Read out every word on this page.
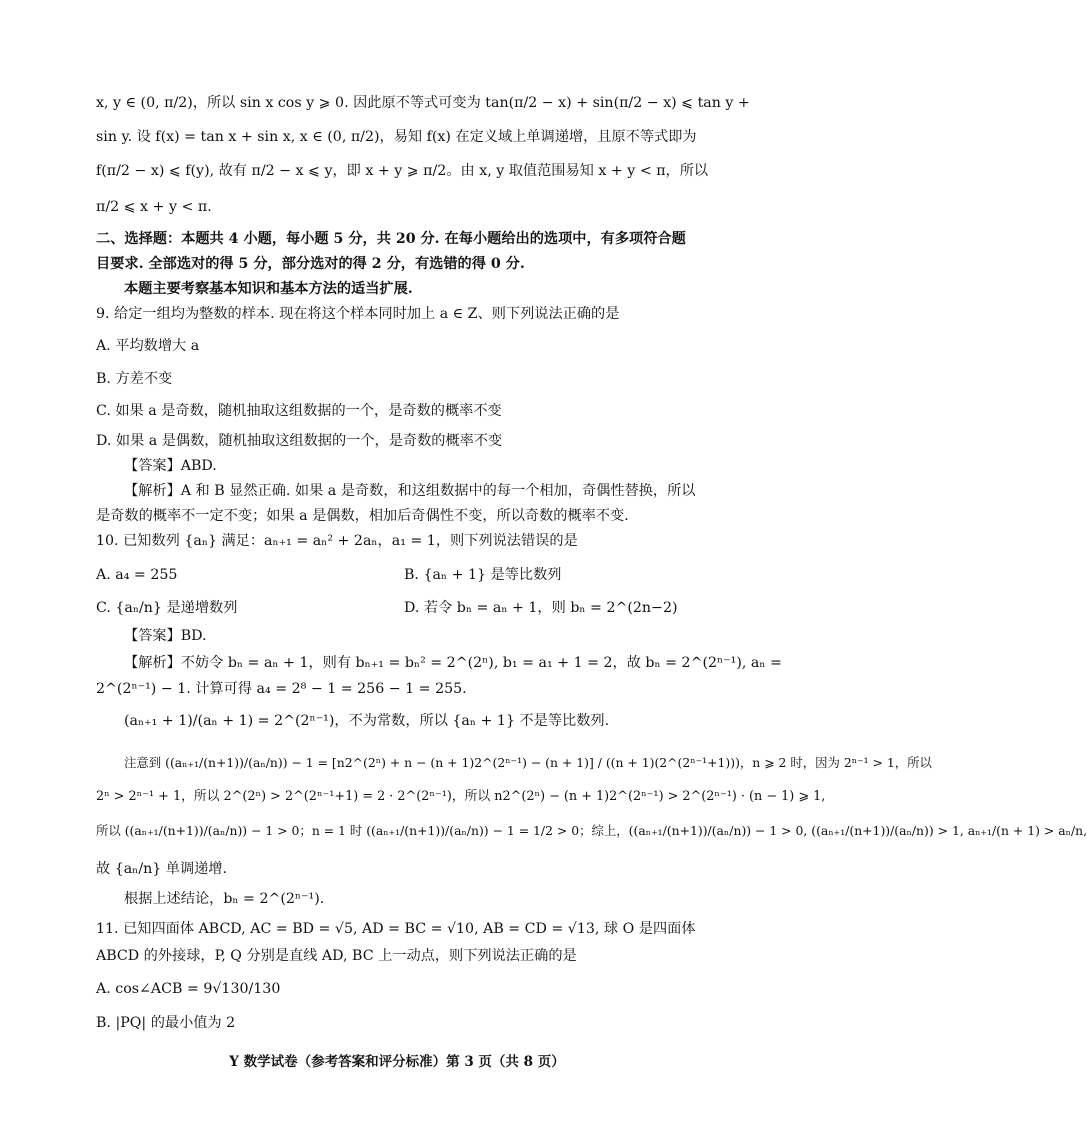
x, y ∈ (0, π/2)，所以 sin x cos y ⩾ 0. 因此原不等式可变为 tan(π/2 − x) + sin(π/2 − x) ⩽ tan y +
sin y. 设 f(x) = tan x + sin x, x ∈ (0, π/2)，易知 f(x) 在定义域上单调递增，且原不等式即为
f(π/2 − x) ⩽ f(y), 故有 π/2 − x ⩽ y，即 x + y ⩾ π/2。由 x, y 取值范围易知 x + y < π，所以
π/2 ⩽ x + y < π.
二、选择题：本题共 4 小题，每小题 5 分，共 20 分. 在每小题给出的选项中，有多项符合题
目要求. 全部选对的得 5 分，部分选对的得 2 分，有选错的得 0 分.
本题主要考察基本知识和基本方法的适当扩展.
9. 给定一组均为整数的样本. 现在将这个样本同时加上 a ∈ Z、则下列说法正确的是
A. 平均数增大 a
B. 方差不变
C. 如果 a 是奇数，随机抽取这组数据的一个，是奇数的概率不变
D. 如果 a 是偶数，随机抽取这组数据的一个，是奇数的概率不变
【答案】ABD.
【解析】A 和 B 显然正确. 如果 a 是奇数，和这组数据中的每一个相加，奇偶性替换，所以
是奇数的概率不一定不变；如果 a 是偶数，相加后奇偶性不变，所以奇数的概率不变.
10. 已知数列 {aₙ} 满足：aₙ₊₁ = aₙ² + 2aₙ，a₁ = 1，则下列说法错误的是
A. a₄ = 255	B. {aₙ + 1} 是等比数列
C. {aₙ/n} 是递增数列	D. 若令 bₙ = aₙ + 1，则 bₙ = 2^(2n−2)
【答案】BD.
【解析】不妨令 bₙ = aₙ + 1，则有 bₙ₊₁ = bₙ² = 2^(2ⁿ), b₁ = a₁ + 1 = 2，故 bₙ = 2^(2ⁿ⁻¹), aₙ =
2^(2ⁿ⁻¹) − 1. 计算可得 a₄ = 2⁸ − 1 = 256 − 1 = 255.
(aₙ₊₁ + 1)/(aₙ + 1) = 2^(2ⁿ⁻¹)，不为常数，所以 {aₙ + 1} 不是等比数列.
注意到 ((aₙ₊₁/(n+1))/(aₙ/n)) − 1 = [n2^(2ⁿ) + n − (n + 1)2^(2ⁿ⁻¹) − (n + 1)] / ((n + 1)(2^(2ⁿ⁻¹+1)))，n ⩾ 2 时，因为 2ⁿ⁻¹ > 1，所以
2ⁿ > 2ⁿ⁻¹ + 1，所以 2^(2ⁿ) > 2^(2ⁿ⁻¹+1) = 2 · 2^(2ⁿ⁻¹)，所以 n2^(2ⁿ) − (n + 1)2^(2ⁿ⁻¹) > 2^(2ⁿ⁻¹) · (n − 1) ⩾ 1,
所以 ((aₙ₊₁/(n+1))/(aₙ/n)) − 1 > 0；n = 1 时 ((aₙ₊₁/(n+1))/(aₙ/n)) − 1 = 1/2 > 0；综上，((aₙ₊₁/(n+1))/(aₙ/n)) − 1 > 0, ((aₙ₊₁/(n+1))/(aₙ/n)) > 1, aₙ₊₁/(n + 1) > aₙ/n,
故 {aₙ/n} 单调递增.
根据上述结论，bₙ = 2^(2ⁿ⁻¹).
11. 已知四面体 ABCD, AC = BD = √5, AD = BC = √10, AB = CD = √13, 球 O 是四面体
ABCD 的外接球，P, Q 分别是直线 AD, BC 上一动点，则下列说法正确的是
A. cos∠ACB = 9√130/130
B. |PQ| 的最小值为 2
Y 数学试卷（参考答案和评分标准）第 3 页（共 8 页）
